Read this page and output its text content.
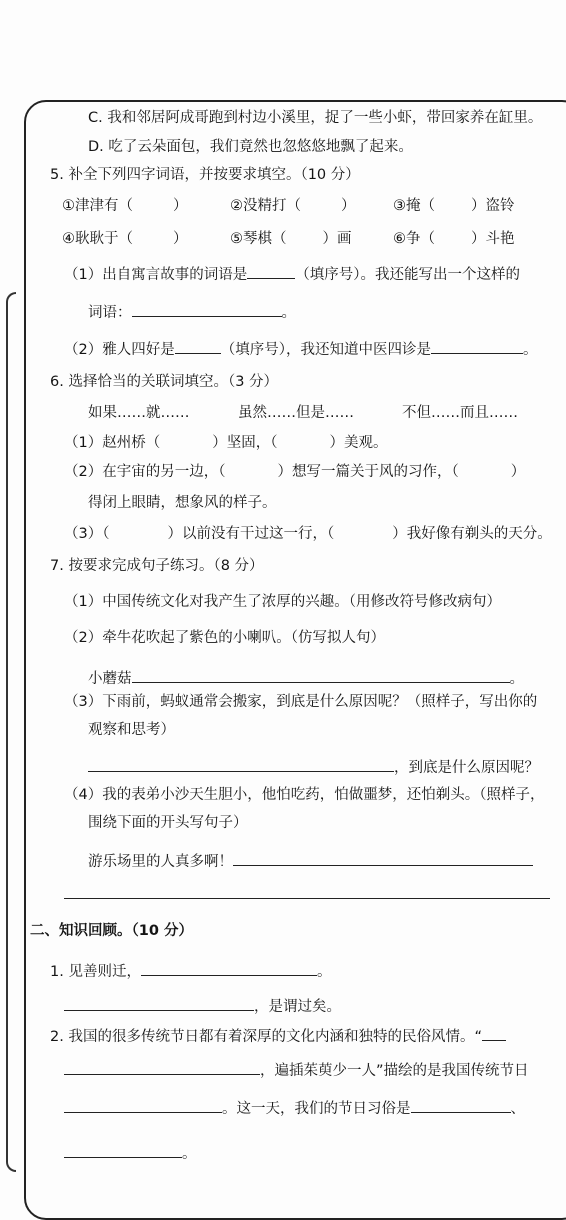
C. 我和邻居阿成哥跑到村边小溪里，捉了一些小虾，带回家养在缸里。
D. 吃了云朵面包，我们竟然也忽悠悠地飘了起来。
5. 补全下列四字词语，并按要求填空。（10 分）
①津津有（	）	②没精打（	）	③掩（ ）盗铃
④耿耿于（	）	⑤琴棋（ ）画	⑥争（ ）斗艳
（1）出自寓言故事的词语是	（填序号）。我还能写出一个这样的
词语：	。
（2）雅人四好是	（填序号），我还知道中医四诊是	。
6. 选择恰当的关联词填空。（3 分）
如果……就……	虽然……但是……	不但……而且……
（1）赵州桥（	）坚固，（	）美观。
（2）在宇宙的另一边，（	）想写一篇关于风的习作，（	）
得闭上眼睛，想象风的样子。
（3）（	）以前没有干过这一行，（	）我好像有剃头的天分。
7. 按要求完成句子练习。（8 分）
（1）中国传统文化对我产生了浓厚的兴趣。（用修改符号修改病句）
（2）牵牛花吹起了紫色的小喇叭。（仿写拟人句）
小蘑菇	。
（3）下雨前，蚂蚁通常会搬家，到底是什么原因呢？（照样子，写出你的
观察和思考）
，到底是什么原因呢？
（4）我的表弟小沙天生胆小，他怕吃药，怕做噩梦，还怕剃头。（照样子，
围绕下面的开头写句子）
游乐场里的人真多啊！
二、知识回顾。（10 分）
1. 见善则迁，	。
，是谓过矣。
2. 我国的很多传统节日都有着深厚的文化内涵和独特的民俗风情。“
，遍插茱萸少一人”描绘的是我国传统节日
。这一天，我们的节日习俗是	、
。
